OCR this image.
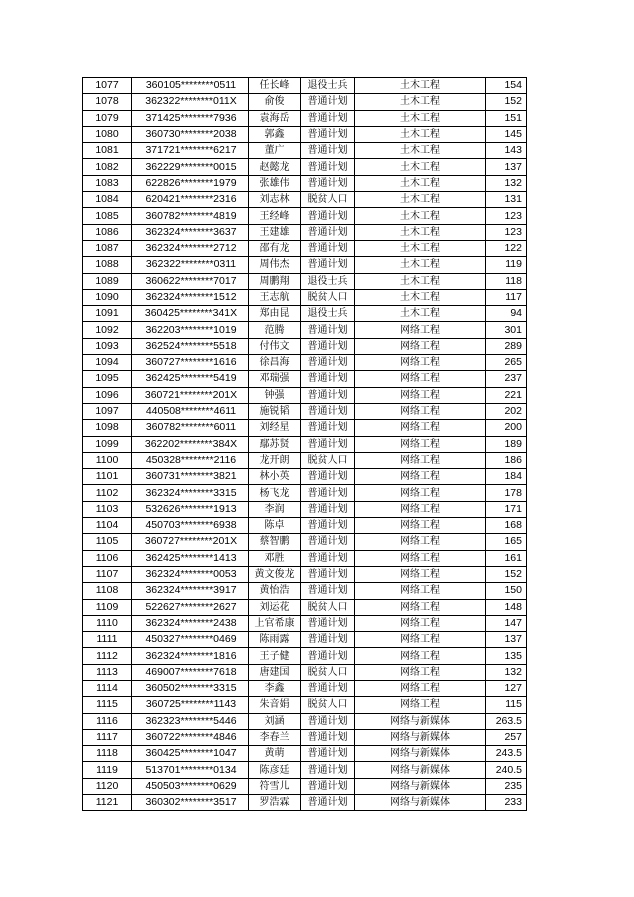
1077	360105********0511	任长峰	退役士兵	土木工程	154
1078	362322********011X	俞俊	普通计划	土木工程	152
1079	371425********7936	袁海岳	普通计划	土木工程	151
1080	360730********2038	郭鑫	普通计划	土木工程	145
1081	371721********6217	董广	普通计划	土木工程	143
1082	362229********0015	赵懿龙	普通计划	土木工程	137
1083	622826********1979	张雄伟	普通计划	土木工程	132
1084	620421********2316	刘志林	脱贫人口	土木工程	131
1085	360782********4819	王经峰	普通计划	土木工程	123
1086	362324********3637	王建雄	普通计划	土木工程	123
1087	362324********2712	邵有龙	普通计划	土木工程	122
1088	362322********0311	周伟杰	普通计划	土木工程	119
1089	360622********7017	周鹏翔	退役士兵	土木工程	118
1090	362324********1512	王志航	脱贫人口	土木工程	117
1091	360425********341X	郑由昆	退役士兵	土木工程	94
1092	362203********1019	范腾	普通计划	网络工程	301
1093	362524********5518	付伟文	普通计划	网络工程	289
1094	360727********1616	徐昌海	普通计划	网络工程	265
1095	362425********5419	邓瑞强	普通计划	网络工程	237
1096	360721********201X	钟强	普通计划	网络工程	221
1097	440508********4611	施锐韬	普通计划	网络工程	202
1098	360782********6011	刘经星	普通计划	网络工程	200
1099	362202********384X	鄢苏贤	普通计划	网络工程	189
1100	450328********2116	龙开朗	脱贫人口	网络工程	186
1101	360731********3821	林小英	普通计划	网络工程	184
1102	362324********3315	杨飞龙	普通计划	网络工程	178
1103	532626********1913	李润	普通计划	网络工程	171
1104	450703********6938	陈卓	普通计划	网络工程	168
1105	360727********201X	蔡智鹏	普通计划	网络工程	165
1106	362425********1413	邓胜	普通计划	网络工程	161
1107	362324********0053	黄文俊龙	普通计划	网络工程	152
1108	362324********3917	黄怡浩	普通计划	网络工程	150
1109	522627********2627	刘运花	脱贫人口	网络工程	148
1110	362324********2438	上官希康	普通计划	网络工程	147
1111	450327********0469	陈雨露	普通计划	网络工程	137
1112	362324********1816	王子健	普通计划	网络工程	135
1113	469007********7618	唐建国	脱贫人口	网络工程	132
1114	360502********3315	李鑫	普通计划	网络工程	127
1115	360725********1143	朱音娟	脱贫人口	网络工程	115
1116	362323********5446	刘涵	普通计划	网络与新媒体	263.5
1117	360722********4846	李春兰	普通计划	网络与新媒体	257
1118	360425********1047	黄萌	普通计划	网络与新媒体	243.5
1119	513701********0134	陈彦廷	普通计划	网络与新媒体	240.5
1120	450503********0629	符雪儿	普通计划	网络与新媒体	235
1121	360302********3517	罗浩霖	普通计划	网络与新媒体	233
